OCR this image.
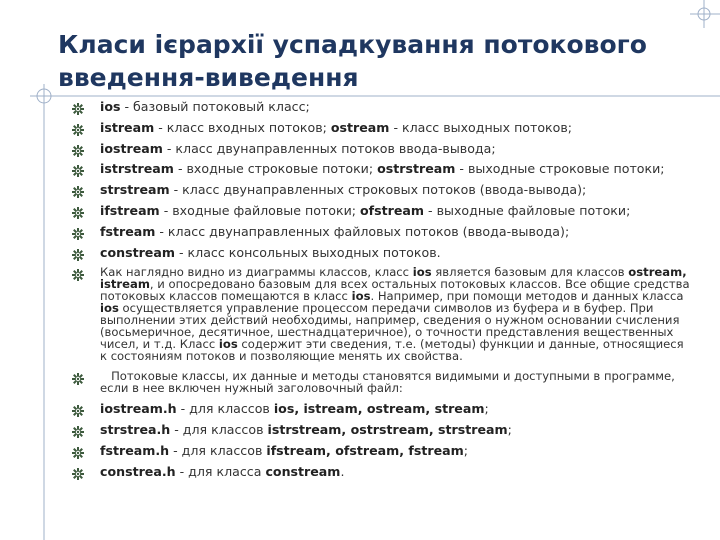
Класи ієрархії успадкування потокового введення-виведення
ios - базовый потоковый класс;
istream - класс входных потоков; ostream - класс выходных потоков;
iostream - класс двунаправленных потоков ввода-вывода;
istrstream - входные строковые потоки; ostrstream - выходные строковые потоки;
strstream - класс двунаправленных строковых потоков (ввода-вывода);
ifstream - входные файловые потоки; ofstream - выходные файловые потоки;
fstream - класс двунаправленных файловых потоков (ввода-вывода);
constream - класс консольных выходных потоков.
Как наглядно видно из диаграммы классов, класс ios является базовым для классов ostream, istream, и опосредовано базовым для всех остальных потоковых классов. Все общие средства потоковых классов помещаются в класс ios. Например, при помощи методов и данных класса ios осуществляется управление процессом передачи символов из буфера и в буфер. При выполнении этих действий необходимы, например, сведения о нужном основании счисления (восьмеричное, десятичное, шестнадцатеричное), о точности представления вещественных чисел, и т.д. Класс ios содержит эти сведения, т.е. (методы) функции и данные, относящиеся к состояниям потоков и позволяющие менять их свойства.
Потоковые классы, их данные и методы становятся видимыми и доступными в программе, если в нее включен нужный заголовочный файл:
iostream.h - для классов ios, istream, ostream, stream;
strstrea.h - для классов istrstream, ostrstream, strstream;
fstream.h - для классов ifstream, ofstream, fstream;
constrea.h - для класса constream.
